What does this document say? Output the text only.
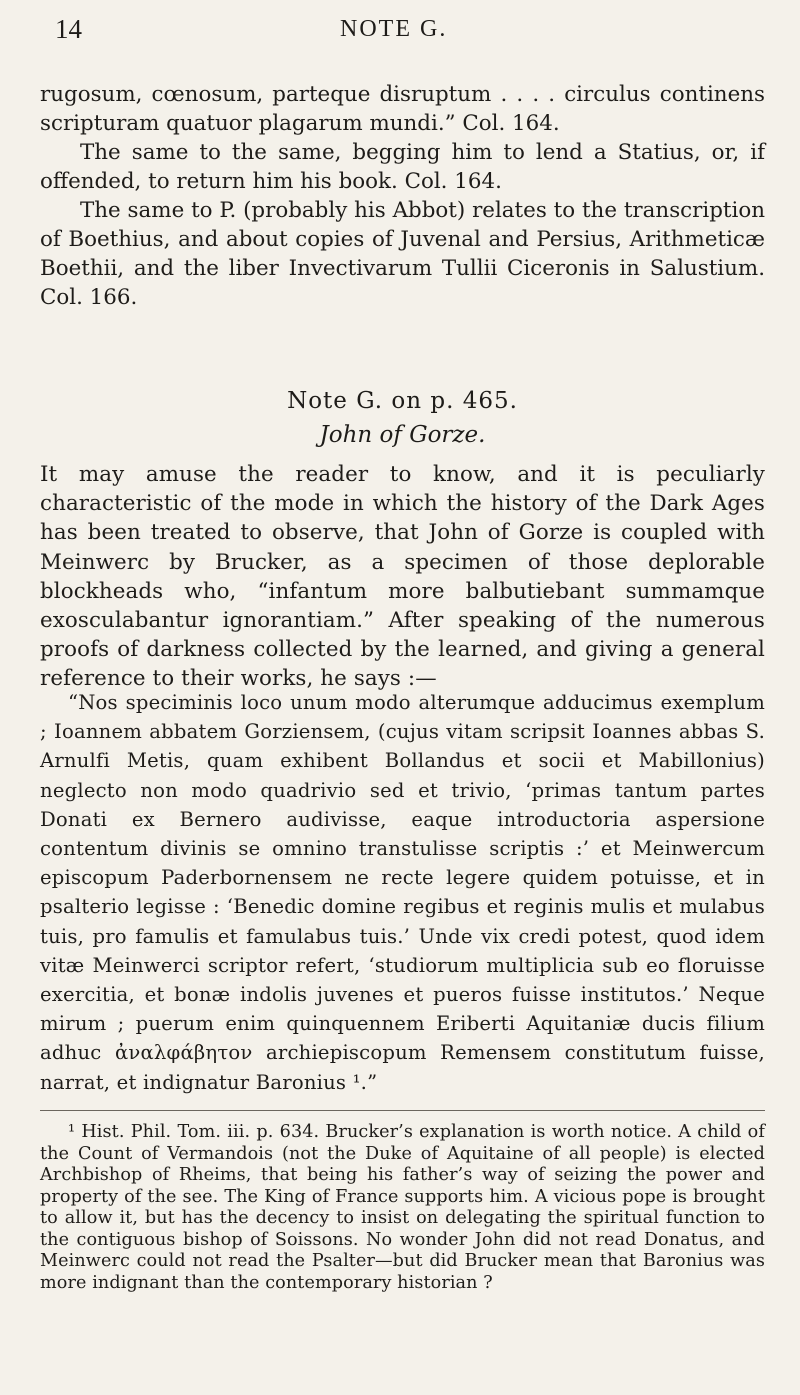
14	NOTE G.

rugosum, cœnosum, parteque disruptum . . . . circulus continens scripturam quatuor plagarum mundi.” Col. 164.

The same to the same, begging him to lend a Statius, or, if offended, to return him his book. Col. 164.

The same to P. (probably his Abbot) relates to the transcription of Boethius, and about copies of Juvenal and Persius, Arithmeticæ Boethii, and the liber Invectivarum Tullii Ciceronis in Salustium. Col. 166.

Note G. on p. 465.
John of Gorze.

It may amuse the reader to know, and it is peculiarly characteristic of the mode in which the history of the Dark Ages has been treated to observe, that John of Gorze is coupled with Meinwerc by Brucker, as a specimen of those deplorable blockheads who, “infantum more balbutiebant summamque exosculabantur ignorantiam.” After speaking of the numerous proofs of darkness collected by the learned, and giving a general reference to their works, he says :—

“Nos speciminis loco unum modo alterumque adducimus exemplum ; Ioannem abbatem Gorziensem, (cujus vitam scripsit Ioannes abbas S. Arnulfi Metis, quam exhibent Bollandus et socii et Mabillonius) neglecto non modo quadrivio sed et trivio, ‘primas tantum partes Donati ex Bernero audivisse, eaque introductoria aspersione contentum divinis se omnino transtulisse scriptis :’ et Meinwercum episcopum Paderbornensem ne recte legere quidem potuisse, et in psalterio legisse : ‘Benedic domine regibus et reginis mulis et mulabus tuis, pro famulis et famulabus tuis.’ Unde vix credi potest, quod idem vitæ Meinwerci scriptor refert, ‘studiorum multiplicia sub eo floruisse exercitia, et bonæ indolis juvenes et pueros fuisse institutos.’ Neque mirum ; puerum enim quinquennem Eriberti Aquitaniæ ducis filium adhuc ἀναλφάβητον archiepiscopum Remensem constitutum fuisse, narrat, et indignatur Baronius ¹.”

¹ Hist. Phil. Tom. iii. p. 634. Brucker’s explanation is worth notice. A child of the Count of Vermandois (not the Duke of Aquitaine of all people) is elected Archbishop of Rheims, that being his father’s way of seizing the power and property of the see. The King of France supports him. A vicious pope is brought to allow it, but has the decency to insist on delegating the spiritual function to the contiguous bishop of Soissons. No wonder John did not read Donatus, and Meinwerc could not read the Psalter—but did Brucker mean that Baronius was more indignant than the contemporary historian ?
